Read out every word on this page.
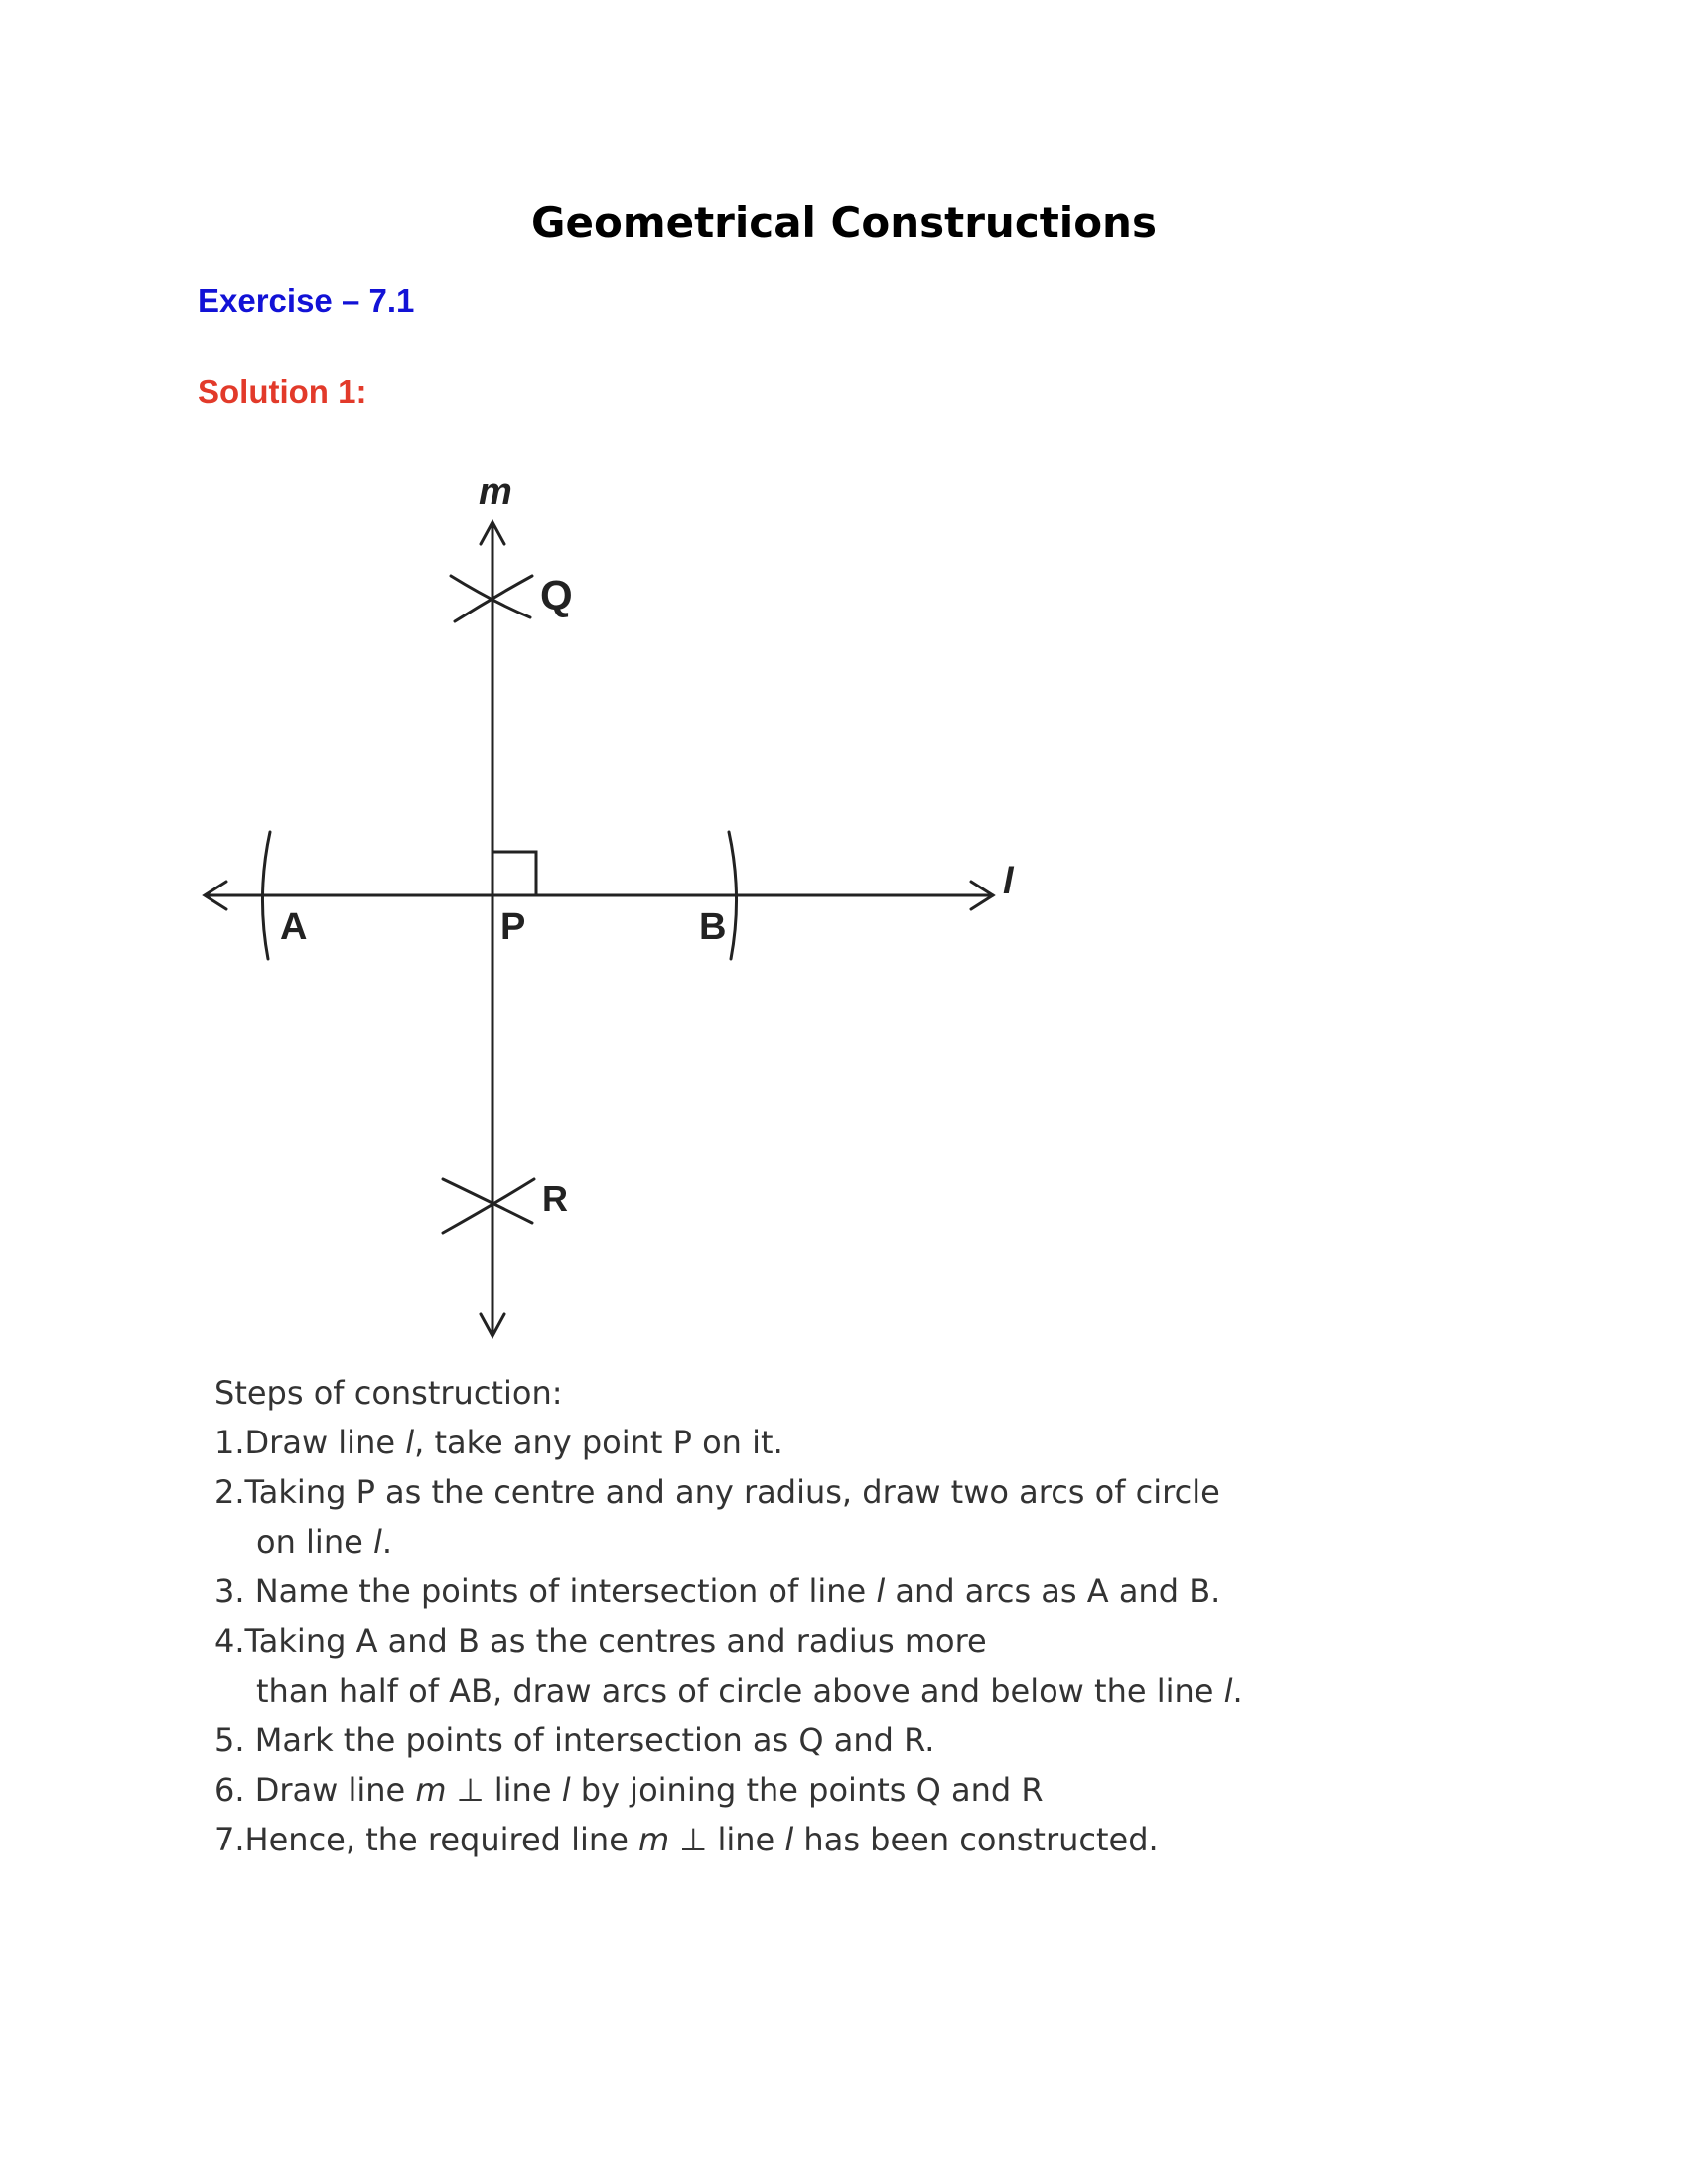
Geometrical Constructions
Exercise – 7.1
Solution 1:
m
l
A	P	B
Q
R
Steps of construction:
1.Draw line l, take any point P on it.
2.Taking P as the centre and any radius, draw two arcs of circle
on line l.
3. Name the points of intersection of line l and arcs as A and B.
4.Taking A and B as the centres and radius more
than half of AB, draw arcs of circle above and below the line l.
5. Mark the points of intersection as Q and R.
6. Draw line m ⊥ line l by joining the points Q and R
7.Hence, the required line m ⊥ line l has been constructed.
